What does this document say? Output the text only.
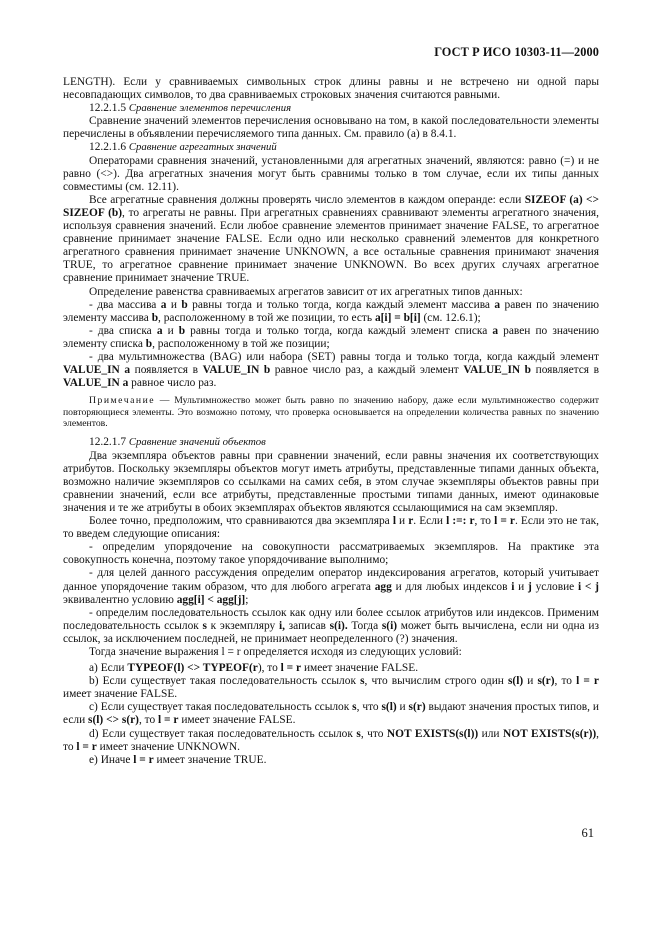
ГОСТ Р ИСО 10303-11—2000

LENGTH). Если у сравниваемых символьных строк длины равны и не встречено ни одной пары несовпадающих символов, то два сравниваемых строковых значения считаются равными.

12.2.1.5 Сравнение элементов перечисления

Сравнение значений элементов перечисления основывано на том, в какой последовательности элементы перечислены в объявлении перечисляемого типа данных. См. правило (а) в 8.4.1.

12.2.1.6 Сравнение агрегатных значений

Операторами сравнения значений, установленными для агрегатных значений, являются: равно (=) и не равно (<>). Два агрегатных значения могут быть сравнимы только в том случае, если их типы данных совместимы (см. 12.11).

Все агрегатные сравнения должны проверять число элементов в каждом операнде: если SIZEOF (a) <> SIZEOF (b), то агрегаты не равны. При агрегатных сравнениях сравнивают элементы агрегатного значения, используя сравнения значений. Если любое сравнение элементов принимает значение FALSE, то агрегатное сравнение принимает значение FALSE. Если одно или несколько сравнений элементов для конкретного агрегатного сравнения принимает значение UNKNOWN, а все остальные сравнения принимают значения TRUE, то агрегатное сравнение принимает значение UNKNOWN. Во всех других случаях агрегатное сравнение принимает значение TRUE.

Определение равенства сравниваемых агрегатов зависит от их агрегатных типов данных:

- два массива a и b равны тогда и только тогда, когда каждый элемент массива a равен по значению элементу массива b, расположенному в той же позиции, то есть a[i] = b[i] (см. 12.6.1);

- два списка a и b равны тогда и только тогда, когда каждый элемент списка a равен по значению элементу списка b, расположенному в той же позиции;

- два мультимножества (BAG) или набора (SET) равны тогда и только тогда, когда каждый элемент VALUE_IN a появляется в VALUE_IN b равное число раз, а каждый элемент VALUE_IN b появляется в VALUE_IN a равное число раз.

Примечание — Мультимножество может быть равно по значению набору, даже если мультимножество содержит повторяющиеся элементы. Это возможно потому, что проверка основывается на определении количества равных по значению элементов.

12.2.1.7 Сравнение значений объектов

Два экземпляра объектов равны при сравнении значений, если равны значения их соответствующих атрибутов. Поскольку экземпляры объектов могут иметь атрибуты, представленные типами данных объекта, возможно наличие экземпляров со ссылками на самих себя, в этом случае экземпляры объектов равны при сравнении значений, если все атрибуты, представленные простыми типами данных, имеют одинаковые значения и те же атрибуты в обоих экземплярах объектов являются ссылающимися на сам экземпляр.

Более точно, предположим, что сравниваются два экземпляра l и r. Если l :=: r, то l = r. Если это не так, то введем следующие описания:

- определим упорядочение на совокупности рассматриваемых экземпляров. На практике эта совокупность конечна, поэтому такое упорядочивание выполнимо;

- для целей данного рассуждения определим оператор индексирования агрегатов, который учитывает данное упорядочение таким образом, что для любого агрегата agg и для любых индексов i и j условие i < j эквивалентно условию agg[i] < agg[j];

- определим последовательность ссылок как одну или более ссылок атрибутов или индексов. Применим последовательность ссылок s к экземпляру i, записав s(i). Тогда s(i) может быть вычислена, если ни одна из ссылок, за исключением последней, не принимает неопределенного (?) значения.

Тогда значение выражения l = r определяется исходя из следующих условий:

а) Если TYPEOF(l) <> TYPEOF(r), то l = r имеет значение FALSE.

b) Если существует такая последовательность ссылок s, что вычислим строго один s(l) и s(r), то l = r имеет значение FALSE.

c) Если существует такая последовательность ссылок s, что s(l) и s(r) выдают значения простых типов, и если s(l) <> s(r), то l = r имеет значение FALSE.

d) Если существует такая последовательность ссылок s, что NOT EXISTS(s(l)) или NOT EXISTS(s(r)), то l = r имеет значение UNKNOWN.

е) Иначе l = r имеет значение TRUE.

61
